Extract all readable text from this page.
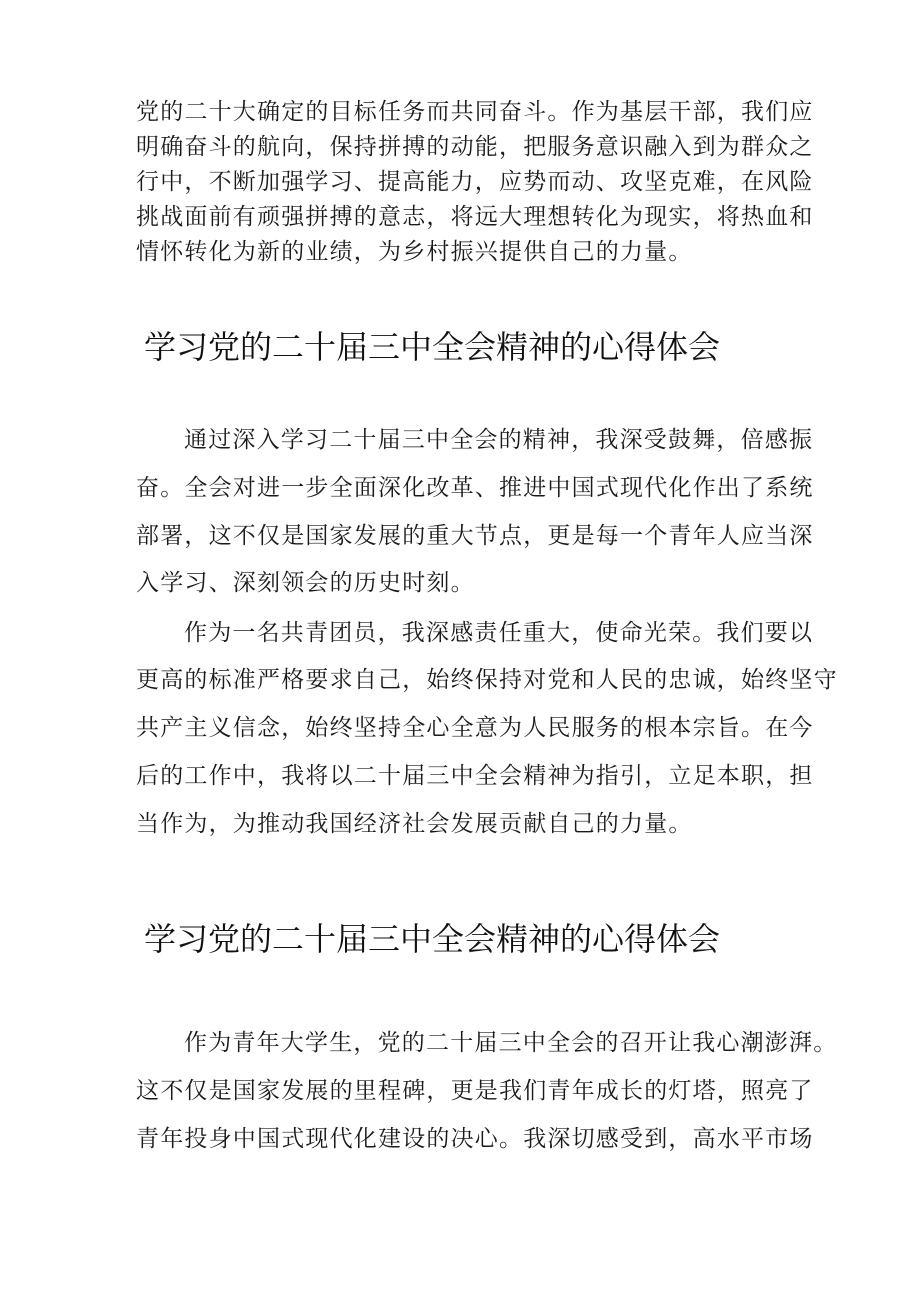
党的二十大确定的目标任务而共同奋斗。作为基层干部，我们应
明确奋斗的航向，保持拼搏的动能，把服务意识融入到为群众之
行中，不断加强学习、提高能力，应势而动、攻坚克难，在风险
挑战面前有顽强拼搏的意志，将远大理想转化为现实，将热血和
情怀转化为新的业绩，为乡村振兴提供自己的力量。
学习党的二十届三中全会精神的心得体会
通过深入学习二十届三中全会的精神，我深受鼓舞，倍感振
奋。全会对进一步全面深化改革、推进中国式现代化作出了系统
部署，这不仅是国家发展的重大节点，更是每一个青年人应当深
入学习、深刻领会的历史时刻。
作为一名共青团员，我深感责任重大，使命光荣。我们要以
更高的标准严格要求自己，始终保持对党和人民的忠诚，始终坚守
共产主义信念，始终坚持全心全意为人民服务的根本宗旨。在今
后的工作中，我将以二十届三中全会精神为指引，立足本职，担
当作为，为推动我国经济社会发展贡献自己的力量。
学习党的二十届三中全会精神的心得体会
作为青年大学生，党的二十届三中全会的召开让我心潮澎湃。
这不仅是国家发展的里程碑，更是我们青年成长的灯塔，照亮了
青年投身中国式现代化建设的决心。我深切感受到，高水平市场
